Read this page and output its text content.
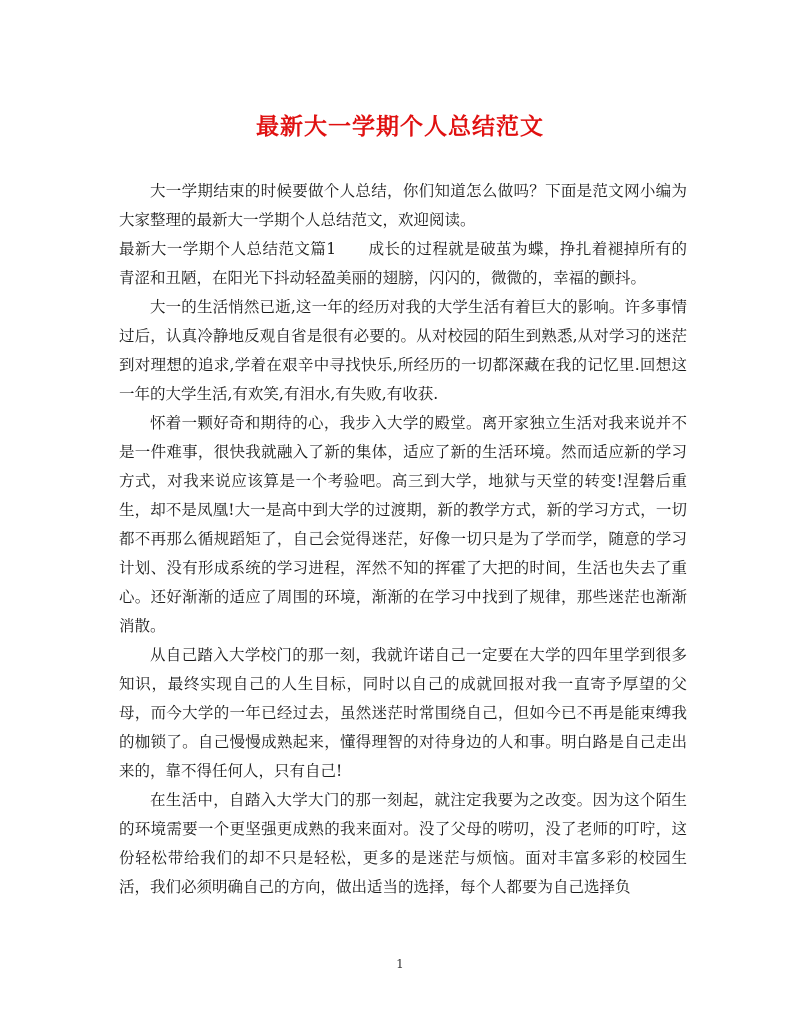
最新大一学期个人总结范文

大一学期结束的时候要做个人总结，你们知道怎么做吗？下面是范文网小编为大家整理的最新大一学期个人总结范文，欢迎阅读。

最新大一学期个人总结范文篇1 成长的过程就是破茧为蝶，挣扎着褪掉所有的青涩和丑陋，在阳光下抖动轻盈美丽的翅膀，闪闪的，微微的，幸福的颤抖。

大一的生活悄然已逝,这一年的经历对我的大学生活有着巨大的影响。许多事情过后，认真冷静地反观自省是很有必要的。从对校园的陌生到熟悉,从对学习的迷茫到对理想的追求,学着在艰辛中寻找快乐,所经历的一切都深藏在我的记忆里.回想这一年的大学生活,有欢笑,有泪水,有失败,有收获.

怀着一颗好奇和期待的心，我步入大学的殿堂。离开家独立生活对我来说并不是一件难事，很快我就融入了新的集体，适应了新的生活环境。然而适应新的学习方式，对我来说应该算是一个考验吧。高三到大学，地狱与天堂的转变!涅磐后重生，却不是凤凰!大一是高中到大学的过渡期，新的教学方式，新的学习方式，一切都不再那么循规蹈矩了，自己会觉得迷茫，好像一切只是为了学而学，随意的学习计划、没有形成系统的学习进程，浑然不知的挥霍了大把的时间，生活也失去了重心。还好渐渐的适应了周围的环境，渐渐的在学习中找到了规律，那些迷茫也渐渐消散。

从自己踏入大学校门的那一刻，我就许诺自己一定要在大学的四年里学到很多知识，最终实现自己的人生目标，同时以自己的成就回报对我一直寄予厚望的父母，而今大学的一年已经过去，虽然迷茫时常围绕自己，但如今已不再是能束缚我的枷锁了。自己慢慢成熟起来，懂得理智的对待身边的人和事。明白路是自己走出来的，靠不得任何人，只有自己!

在生活中，自踏入大学大门的那一刻起，就注定我要为之改变。因为这个陌生的环境需要一个更坚强更成熟的我来面对。没了父母的唠叨，没了老师的叮咛，这份轻松带给我们的却不只是轻松，更多的是迷茫与烦恼。面对丰富多彩的校园生活，我们必须明确自己的方向，做出适当的选择，每个人都要为自己选择负

1
